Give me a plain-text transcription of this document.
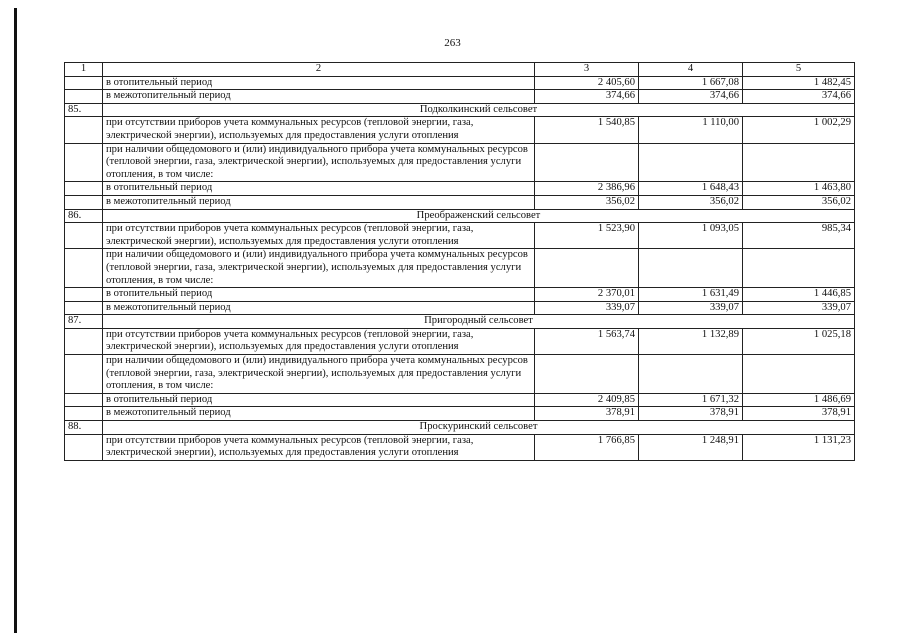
263
1	2	3	4	5
	в отопительный период	2 405,60	1 667,08	1 482,45
	в межотопительный период	374,66	374,66	374,66
85.	Подколкинский сельсовет			
	при отсутствии приборов учета коммунальных ресурсов (тепловой энергии, газа, электрической энергии), используемых для предоставления услуги отопления	1 540,85	1 110,00	1 002,29
	при наличии общедомового и (или) индивидуального прибора учета коммунальных ресурсов (тепловой энергии, газа, электрической энергии), используемых для предоставления услуги отопления, в том числе:			
	в отопительный период	2 386,96	1 648,43	1 463,80
	в межотопительный период	356,02	356,02	356,02
86.	Преображенский сельсовет			
	при отсутствии приборов учета коммунальных ресурсов (тепловой энергии, газа, электрической энергии), используемых для предоставления услуги отопления	1 523,90	1 093,05	985,34
	при наличии общедомового и (или) индивидуального прибора учета коммунальных ресурсов (тепловой энергии, газа, электрической энергии), используемых для предоставления услуги отопления, в том числе:			
	в отопительный период	2 370,01	1 631,49	1 446,85
	в межотопительный период	339,07	339,07	339,07
87.	Пригородный сельсовет			
	при отсутствии приборов учета коммунальных ресурсов (тепловой энергии, газа, электрической энергии), используемых для предоставления услуги отопления	1 563,74	1 132,89	1 025,18
	при наличии общедомового и (или) индивидуального прибора учета коммунальных ресурсов (тепловой энергии, газа, электрической энергии), используемых для предоставления услуги отопления, в том числе:			
	в отопительный период	2 409,85	1 671,32	1 486,69
	в межотопительный период	378,91	378,91	378,91
88.	Проскуринский сельсовет			
	при отсутствии приборов учета коммунальных ресурсов (тепловой энергии, газа, электрической энергии), используемых для предоставления услуги отопления	1 766,85	1 248,91	1 131,23
